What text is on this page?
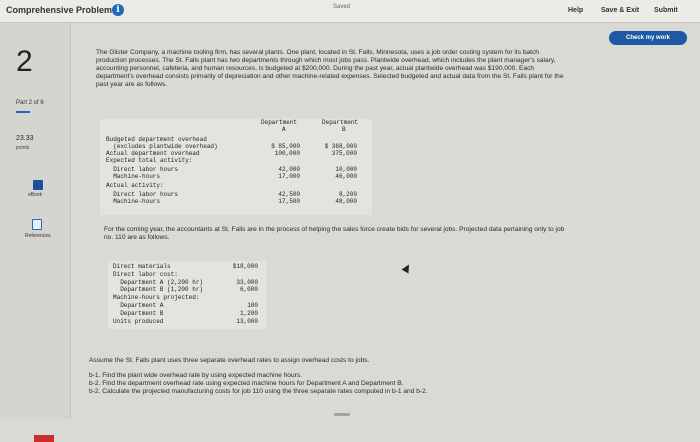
Comprehensive Problem i	Saved	Help	Save & Exit Submit
Check my work
2
Part 2 of 6
23.33
points
eBook
References
The Glister Company, a machine tooling firm, has several plants. One plant, located in St. Falls, Minnesota, uses a job order costing system for its batch production processes. The St. Falls plant has two departments through which most jobs pass. Plantwide overhead, which includes the plant manager's salary, accounting personnel, cafeteria, and human resources, is budgeted at $200,000. During the past year, actual plantwide overhead was $190,000. Each department's overhead consists primarily of depreciation and other machine-related expenses. Selected budgeted and actual data from the St. Falls plant for the past year are as follows.
Department
A
Department
B
Budgeted department overhead
(excludes plantwide overhead)	$ 85,000	$ 368,000
Actual department overhead	100,000	375,000
Expected total activity:
Direct labor hours	42,000	10,000
Machine-hours	17,000	46,000
Actual activity:
Direct labor hours	42,500	8,200
Machine-hours	17,500	48,000
For the coming year, the accountants at St. Falls are in the process of helping the sales force create bids for several jobs. Projected data pertaining only to job no. 110 are as follows.
Direct materials	$18,000
Direct labor cost:
Department A (2,200 hr)	33,000
Department B (1,200 hr)	6,000
Machine-hours projected:
Department A	100
Department B	1,200
Units produced	13,000
Assume the St. Falls plant uses three separate overhead rates to assign overhead costs to jobs.
b-1. Find the plant wide overhead rate by using expected machine hours.
b-2. Find the department overhead rate using expected machine hours for Department A and Department B.
b-2. Calculate the projected manufacturing costs for job 110 using the three separate rates computed in b-1 and b-2.
